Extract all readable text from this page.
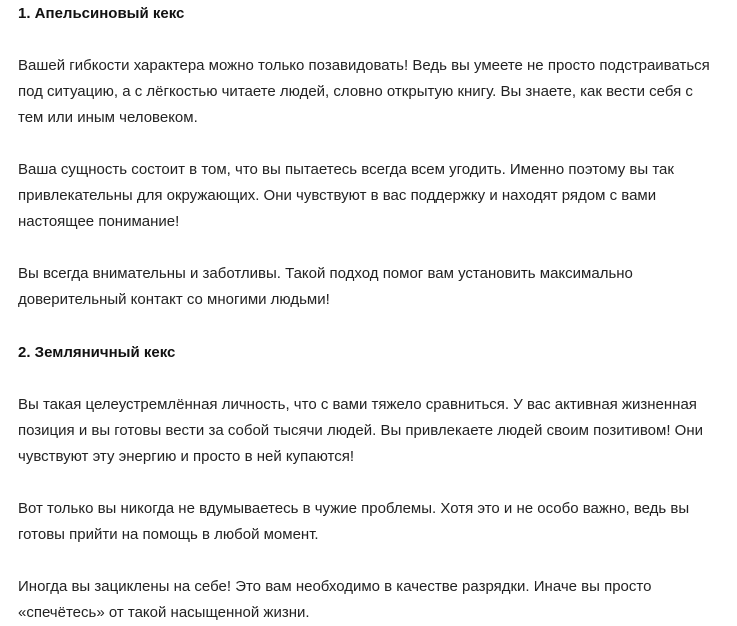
1. Апельсиновый кекс

Вашей гибкости характера можно только позавидовать! Ведь вы умеете не просто подстраиваться
под ситуацию, а с лёгкостью читаете людей, словно открытую книгу. Вы знаете, как вести себя с
тем или иным человеком.

Ваша сущность состоит в том, что вы пытаетесь всегда всем угодить. Именно поэтому вы так
привлекательны для окружающих. Они чувствуют в вас поддержку и находят рядом с вами
настоящее понимание!

Вы всегда внимательны и заботливы. Такой подход помог вам установить максимально
доверительный контакт со многими людьми!

2. Земляничный кекс

Вы такая целеустремлённая личность, что с вами тяжело сравниться. У вас активная жизненная
позиция и вы готовы вести за собой тысячи людей. Вы привлекаете людей своим позитивом! Они
чувствуют эту энергию и просто в ней купаются!

Вот только вы никогда не вдумываетесь в чужие проблемы. Хотя это и не особо важно, ведь вы
готовы прийти на помощь в любой момент.

Иногда вы зациклены на себе! Это вам необходимо в качестве разрядки. Иначе вы просто
«спечётесь» от такой насыщенной жизни.
